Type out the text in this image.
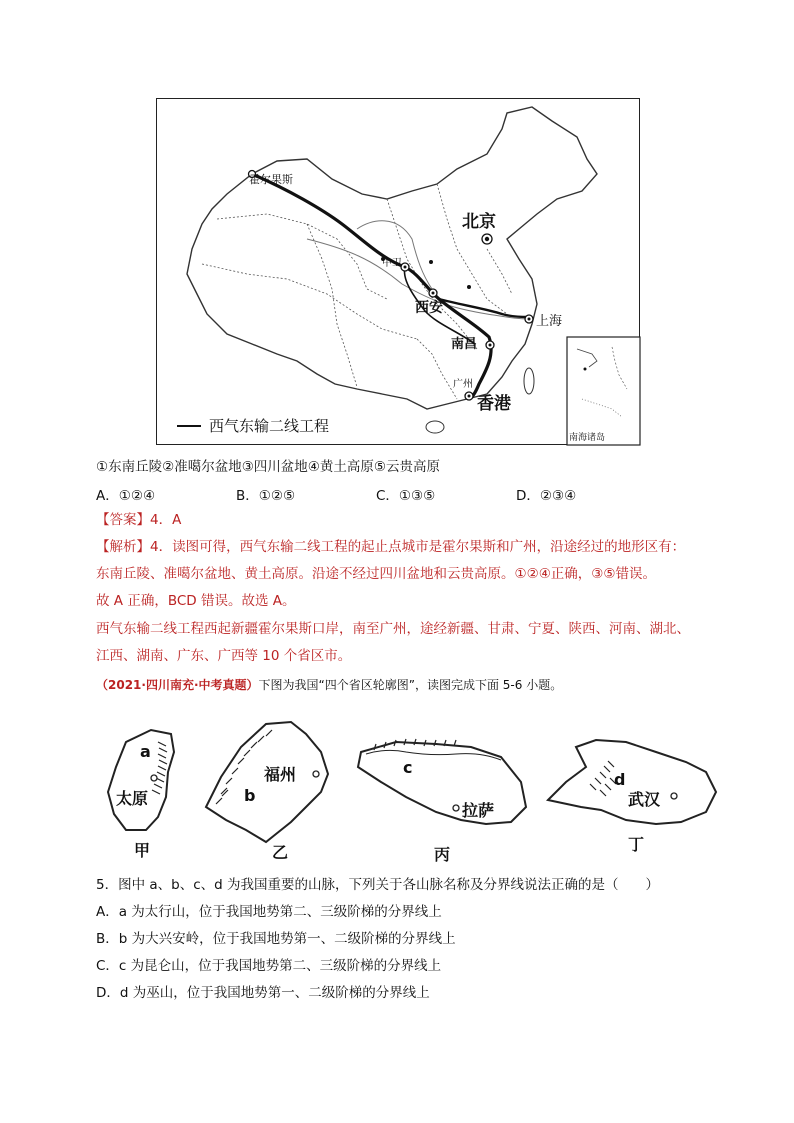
霍尔果斯
北京
中卫
西安
上海
南昌
广州
香港
西气东输二线工程
南海诸岛
①东南丘陵②准噶尔盆地③四川盆地④黄土高原⑤云贵高原
A．①②④	B．①②⑤	C．①③⑤	D．②③④
【答案】4．A
【解析】4．读图可得，西气东输二线工程的起止点城市是霍尔果斯和广州，沿途经过的地形区有：
东南丘陵、准噶尔盆地、黄土高原。沿途不经过四川盆地和云贵高原。①②④正确，③⑤错误。
故 A 正确，BCD 错误。故选 A。
西气东输二线工程西起新疆霍尔果斯口岸，南至广州，途经新疆、甘肃、宁夏、陕西、河南、湖北、
江西、湖南、广东、广西等 10 个省区市。
（2021·四川南充·中考真题）下图为我国“四个省区轮廓图”，读图完成下面 5-6 小题。
a
太原
甲
b
福州
乙
c
拉萨
丙
d
武汉
丁
5．图中 a、b、c、d 为我国重要的山脉，下列关于各山脉名称及分界线说法正确的是（　　）
A．a 为太行山，位于我国地势第二、三级阶梯的分界线上
B．b 为大兴安岭，位于我国地势第一、二级阶梯的分界线上
C．c 为昆仑山，位于我国地势第二、三级阶梯的分界线上
D．d 为巫山，位于我国地势第一、二级阶梯的分界线上
